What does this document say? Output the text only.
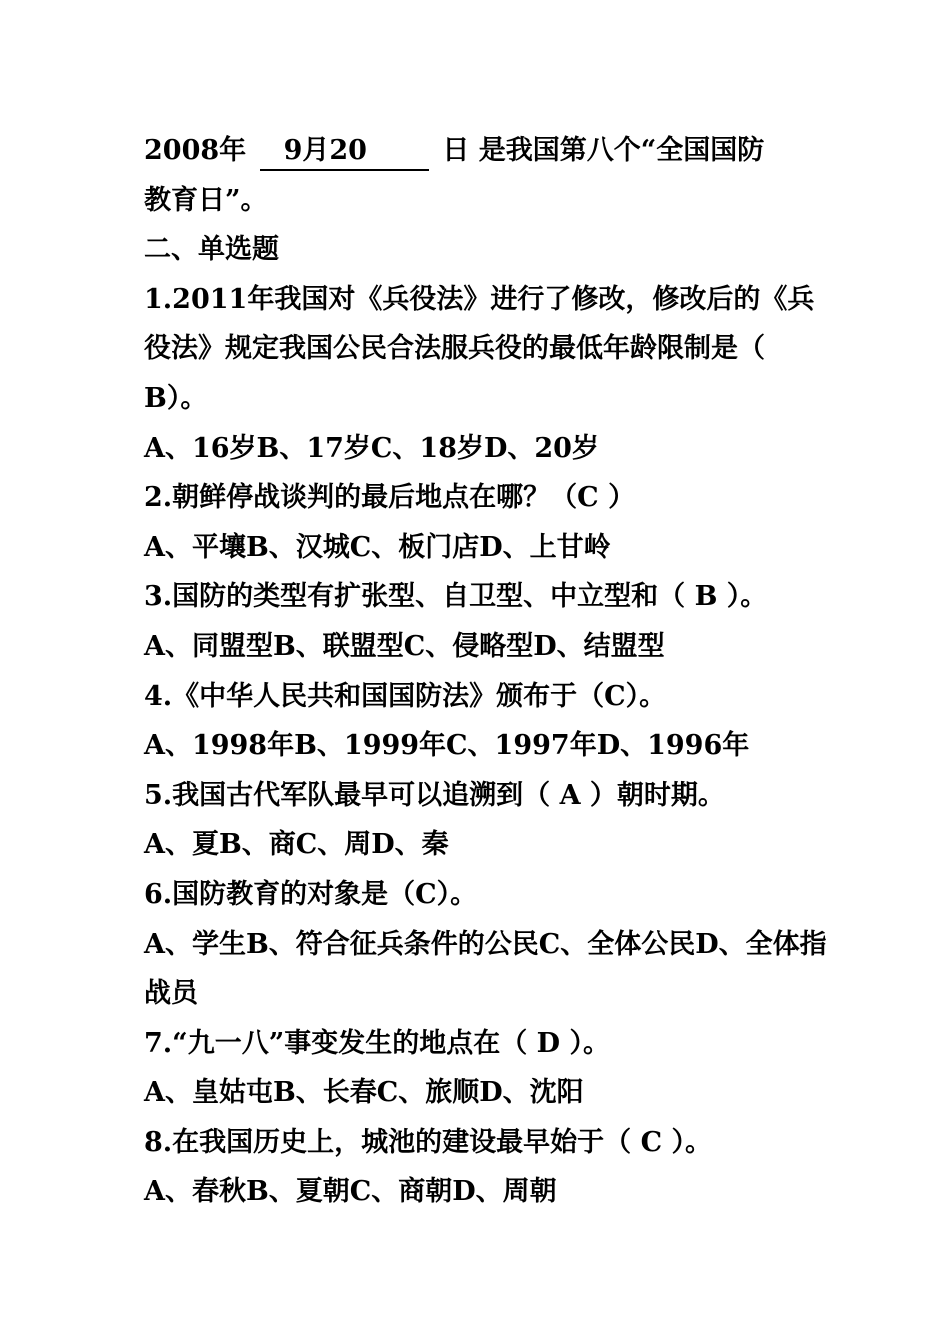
2008年 9月20	日 是我国第八个“全国国防
教育日”。
二、单选题
1.2011年我国对《兵役法》进行了修改，修改后的《兵
役法》规定我国公民合法服兵役的最低年龄限制是（
B）。
A、16岁B、17岁C、18岁D、20岁
2.朝鲜停战谈判的最后地点在哪？（C ）
A、平壤B、汉城C、板门店D、上甘岭
3.国防的类型有扩张型、自卫型、中立型和（ B ）。
A、同盟型B、联盟型C、侵略型D、结盟型
4.《中华人民共和国国防法》颁布于（C）。
A、1998年B、1999年C、1997年D、1996年
5.我国古代军队最早可以追溯到（ A ）朝时期。
A、夏B、商C、周D、秦
6.国防教育的对象是（C）。
A、学生B、符合征兵条件的公民C、全体公民D、全体指
战员
7.“九一八”事变发生的地点在（ D ）。
A、皇姑屯B、长春C、旅顺D、沈阳
8.在我国历史上，城池的建设最早始于（ C ）。
A、春秋B、夏朝C、商朝D、周朝
